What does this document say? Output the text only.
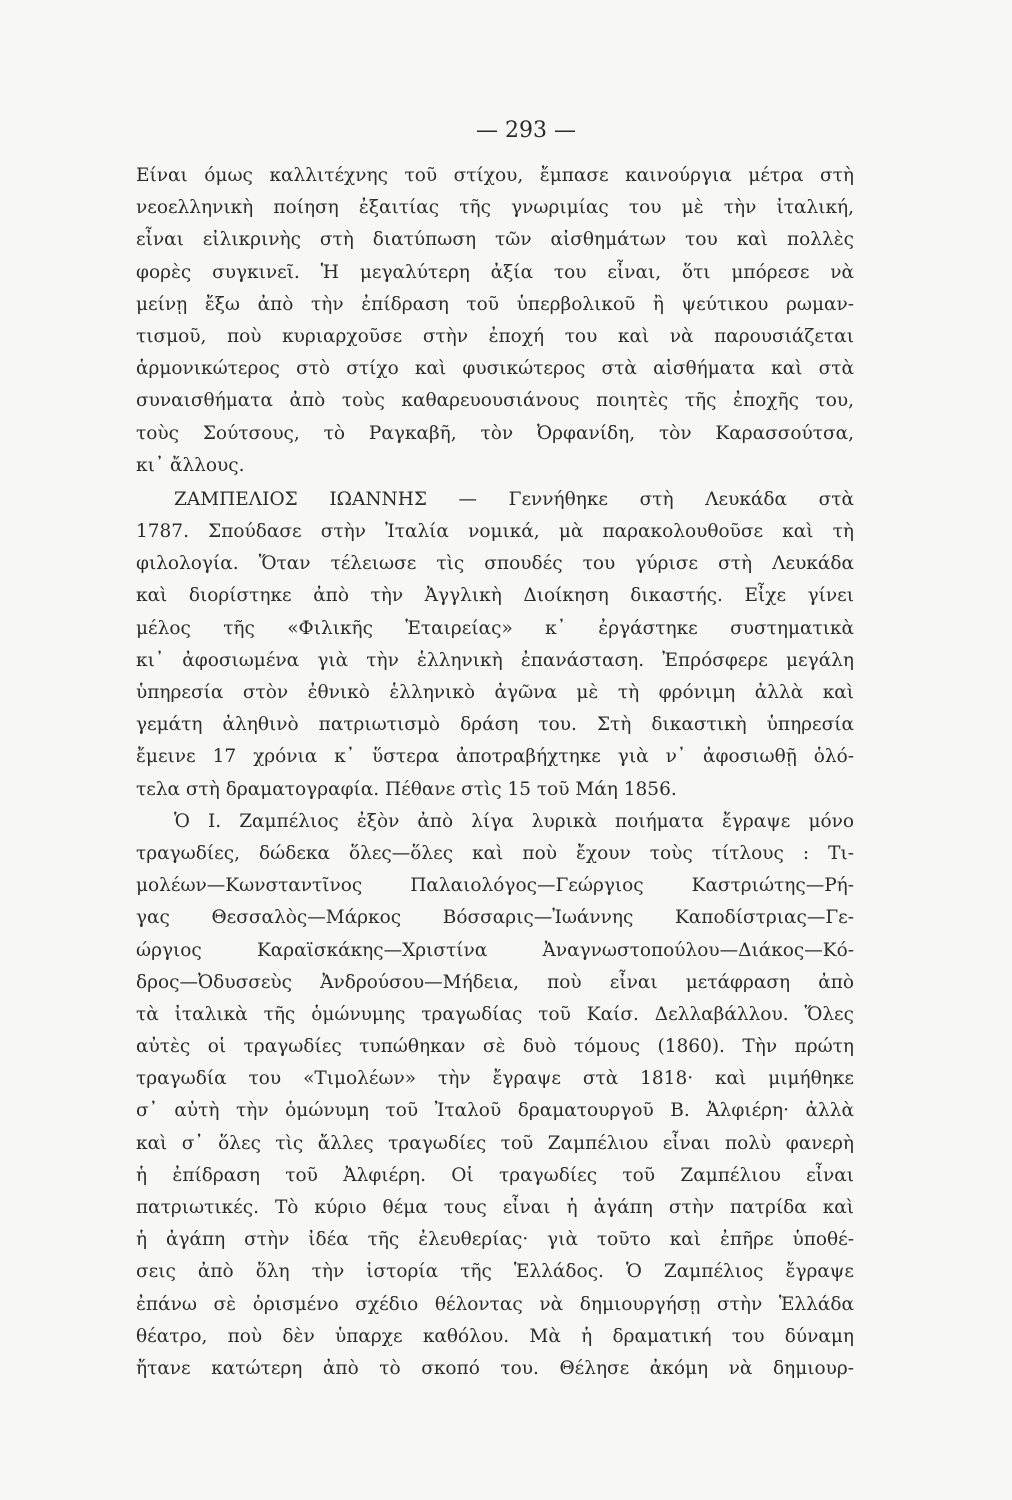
— 293 —
Είναι όμως καλλιτέχνης τοῦ στίχου, ἔμπασε καινούργια μέτρα στὴ
νεοελληνικὴ ποίηση ἐξαιτίας τῆς γνωριμίας του μὲ τὴν ἰταλική,
εἶναι εἰλικρινὴς στὴ διατύπωση τῶν αἰσθημάτων του καὶ πολλὲς
φορὲς συγκινεῖ. Ἡ μεγαλύτερη ἀξία του εἶναι, ὅτι μπόρεσε νὰ
μείνῃ ἔξω ἀπὸ τὴν ἐπίδραση τοῦ ὑπερβολικοῦ ἢ ψεύτικου ρωμαν-
τισμοῦ, ποὺ κυριαρχοῦσε στὴν ἐποχή του καὶ νὰ παρουσιάζεται
ἁρμονικώτερος στὸ στίχο καὶ φυσικώτερος στὰ αἰσθήματα καὶ στὰ
συναισθήματα ἀπὸ τοὺς καθαρευουσιάνους ποιητὲς τῆς ἐποχῆς του,
τοὺς Σούτσους, τὸ Ραγκαβῆ, τὸν Ὀρφανίδη, τὸν Καρασσούτσα,
κι᾽ ἄλλους.
ΖΑΜΠΕΛΙΟΣ ΙΩΑΝΝΗΣ — Γεννήθηκε στὴ Λευκάδα στὰ
1787. Σπούδασε στὴν Ἰταλία νομικά, μὰ παρακολουθοῦσε καὶ τὴ
φιλολογία. Ὅταν τέλειωσε τὶς σπουδές του γύρισε στὴ Λευκάδα
καὶ διορίστηκε ἀπὸ τὴν Ἀγγλικὴ Διοίκηση δικαστής. Εἶχε γίνει
μέλος τῆς «Φιλικῆς Ἑταιρείας» κ᾽ ἐργάστηκε συστηματικὰ
κι᾽ ἀφοσιωμένα γιὰ τὴν ἑλληνικὴ ἐπανάσταση. Ἐπρόσφερε μεγάλη
ὑπηρεσία στὸν ἐθνικὸ ἑλληνικὸ ἀγῶνα μὲ τὴ φρόνιμη ἀλλὰ καὶ
γεμάτη ἀληθινὸ πατριωτισμὸ δράση του. Στὴ δικαστικὴ ὑπηρεσία
ἔμεινε 17 χρόνια κ᾽ ὕστερα ἀποτραβήχτηκε γιὰ ν᾽ ἀφοσιωθῇ ὁλό-
τελα στὴ δραματογραφία. Πέθανε στὶς 15 τοῦ Μάη 1856.
Ὁ Ι. Ζαμπέλιος ἐξὸν ἀπὸ λίγα λυρικὰ ποιήματα ἔγραψε μόνο
τραγωδίες, δώδεκα ὅλες—ὅλες καὶ ποὺ ἔχουν τοὺς τίτλους : Τι-
μολέων—Κωνσταντῖνος Παλαιολόγος—Γεώργιος Καστριώτης—Ρή-
γας Θεσσαλὸς—Μάρκος Βόσσαρις—Ἰωάννης Καποδίστριας—Γε-
ώργιος Καραϊσκάκης—Χριστίνα Ἀναγνωστοπούλου—Διάκος—Κό-
δρος—Ὀδυσσεὺς Ἀνδρούσου—Μήδεια, ποὺ εἶναι μετάφραση ἀπὸ
τὰ ἰταλικὰ τῆς ὁμώνυμης τραγωδίας τοῦ Καίσ. Δελλαβάλλου. Ὅλες
αὐτὲς οἱ τραγωδίες τυπώθηκαν σὲ δυὸ τόμους (1860). Τὴν πρώτη
τραγωδία του «Τιμολέων» τὴν ἔγραψε στὰ 1818· καὶ μιμήθηκε
σ᾽ αὐτὴ τὴν ὁμώνυμη τοῦ Ἰταλοῦ δραματουργοῦ Β. Ἀλφιέρη· ἀλλὰ
καὶ σ᾽ ὅλες τὶς ἄλλες τραγωδίες τοῦ Ζαμπέλιου εἶναι πολὺ φανερὴ
ἡ ἐπίδραση τοῦ Ἀλφιέρη. Οἱ τραγωδίες τοῦ Ζαμπέλιου εἶναι
πατριωτικές. Τὸ κύριο θέμα τους εἶναι ἡ ἀγάπη στὴν πατρίδα καὶ
ἡ ἀγάπη στὴν ἰδέα τῆς ἐλευθερίας· γιὰ τοῦτο καὶ ἐπῆρε ὑποθέ-
σεις ἀπὸ ὅλη τὴν ἱστορία τῆς Ἑλλάδος. Ὁ Ζαμπέλιος ἔγραψε
ἐπάνω σὲ ὁρισμένο σχέδιο θέλοντας νὰ δημιουργήσῃ στὴν Ἑλλάδα
θέατρο, ποὺ δὲν ὑπαρχε καθόλου. Μὰ ἡ δραματική του δύναμη
ἤτανε κατώτερη ἀπὸ τὸ σκοπό του. Θέλησε ἀκόμη νὰ δημιουρ-
